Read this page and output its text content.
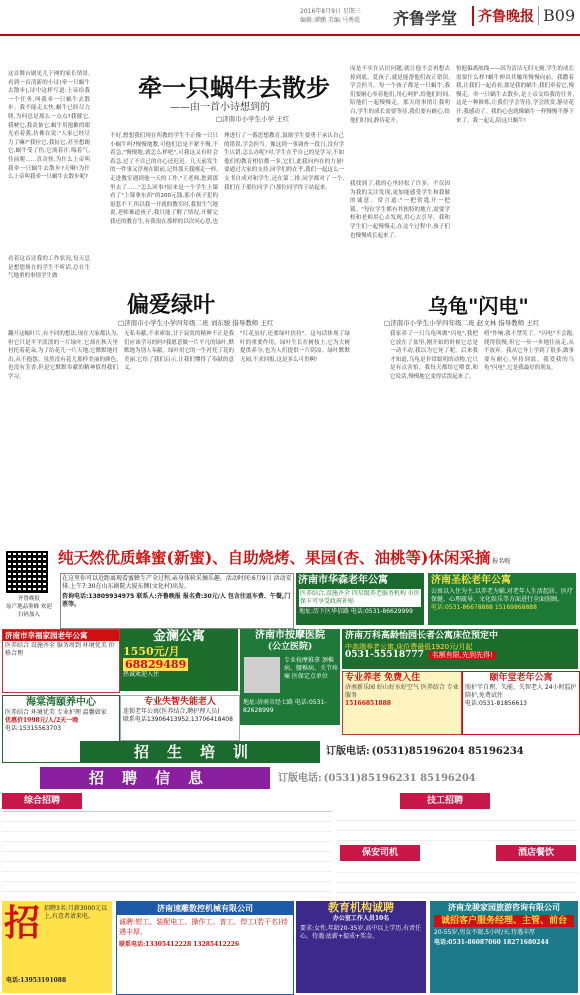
2016年8月9日 星期三
编辑:谭鹏 美编:马秀霞 齐鲁学堂	齐鲁晚报 B09
这首舞台剧见儿于网的家长情景,看到一首清新的小诗(牵一只蜗牛去散步),诗中这样写道:上帝给我一个任务,叫我牵一只蜗牛去散步。我不能走太快,蜗牛已经尽力爬,为何总是那么一点点?我催它,我唬它,我责备它,蜗牛用抱歉的眼光看着我,仿佛在说:"人家已经尽力了嘛!"我拉它,我扯它,甚至想踢它,蜗牛受了伤,它流着汗,喘着气,往前爬……真奇怪,为什么上帝叫我牵一只蜗牛去散步?天啊!为什么上帝叫我牵一只蜗牛去散步呢?
看着这首诗我的工作状况,每天总是想您规在的学生不听话,总在生气地重的事情学生做
牵一只蜗牛去散步
——由一首小诗想到的
□济南市小学生小学 王红
不好,想想我们现在所教的学生不正像一只只小蜗牛吗?慢慢地教,可他们总是不紧不慢,不着急,"慢慢地,就怎么样吧",可我这又有时会着急,过了不自己的自心还迟迟。几天前发生的一件事又浮现在眼前,记得那天我刚走一样,走进教室遇到他一天的工作,"王老师,您到那里去了……"怎么回事?原来是一个学生上课看了"上课拿东西"的200元钱,那小孩子犯的很惹不下,所以我一开就的教室时,我很生气地说,老师难道孩子,我只能了解了情况,开解完我还的教育生,有我很在那样的以次问心思,也
理进行了一番思想教育,鼓励学生要勇于承认自己的错误,学会担当。像这到一事调查一段日,没有学生认错,怎么办呢?对,学生在乎自己的是学习,不如他们的教育相信都一多,它们,此我向内在的力量!要通过大家的支持,同学们的在乎,我们一起这么一支书自成对和学生,还在第二排,同学都对了一个,我们在于那位同学了!那位同学终于站起来。
而是不实在认识问题,就让他不会再想去掉到底。爱孩子,就是能帮他们改正错误,学会担当。每一个孩子都是一只蜗牛,我们要耐心牵着他们,用心呵护,给他们时间,陪他们一起慢慢走。那天的事情让我明白,学生的成长需要等待,我们要有耐心,给他们时间,静待花开。
我找到了,我的心里轻松了许多。不仅因为我的关注发现,更加能感受学生和我做的诚意。常言道:"一把钥匙开一把锁。"每位学生都有其独特的地方,需要学校和老师用心去发现,用心去引导。我和学生们一起慢慢走,在这个过程中,孩子们也慢慢成长起来了。
怕他偏离航线——因为清洁无时无刻,学生的成长需要什么样?蜗牛伸出其触角慢慢向前。我撒着我,让我们一起看看,那是我的蜗牛,我们牵着它,慢慢走。牵一只蜗牛去散步,是上帝交给我的任务,这是一种修炼,让我们学会等待,学会欣赏,静待花开,我感动了。我的心也就像蜗牛一样慢慢平静下来了。我一起走,陪这只蜗牛!
偏爱绿叶
□济南市小学生小学四年级二班 刘东骏 指导教师 王红
翻开这幅叶片,有不同的想法,现在大家都认为,但它只是平平淡淡的一片绿叶,它却在秋天里衬托着花朵,为了给花儿一片天地,它默默地付出,从不抱怨。虽然没有花儿那样美丽的颜色,也没有芳香,但是它默默奉献的精神值得我们学习。
无私奉献,不求索取,甘于寂寞的精神不正是我们应该学习的吗?我愿意做一片平凡的绿叶,默默地为别人奉献。绿叶用它的一生衬托了花的美丽,它给了我们启示,让我们懂得了奉献的意义。
"红花虽好,还要绿叶扶持"。这句话体现了绿叶的重要作用。绿叶生长在树枝上,它为大树提供养分,也为人们提供一片阴凉。绿叶默默无闻,不求回报,这是多么可贵啊!
乌龟"闪电"
□济南市小学生小学四年级二班 赵文林 指导教师 王红
我家养了一只乌龟叫做"闪电",我把它放在了盆里,刚开始的时候它总是一动不动,我以为它死了呢。后来我才知道,乌龟是非常聪明的动物,它只是有点害怕。我每天都给它喂食,和它说话,慢慢地它变得活泼起来了。
嗒"作响,我不禁笑了。"闪电"不会跑,爬得很慢,但它一步一步地往前走,从不放弃。我从它身上学到了很多,做事要有耐心,坚持到底。我爱我的乌龟"闪电",它是我最好的朋友。
齐鲁晚报
原产地品鉴蜂 欢迎扫码加入
纯天然优质蜂蜜(新蜜)、自助烧烤、果园(杏、油桃等)休闲采摘 报名啦
在这里你可以近距离观看蜜蜂生产全过程,亲身体验采摘乐趣。活动时间:6月9日 活动安排:上午7:30在山东剧院大厦东侧(文化村)出发。
咨询电话:13809934975 联系人:齐鲁晚报 报名费:30元/人 包含往返车费、午餐,门票等。
济南市华森老年公寓
医养结合,设施齐全 四星级养老服务机构 市医保卡可享受政府补贴
地址:历下区华信路 电话:0531-86629999
济南圣松老年公寓
公寓以入住为主,以养老为辅,对老年人生活起居、医疗保健、心理疏导、文化娱乐等方面进行全面照顾。
电话:0531-86678888 15169868888
济南市幸福家园老年公寓
医养结合 设施齐全 服务周到 环境优美 价格合理
金澜公寓
1550元/月
68829489
热诚欢迎入住
济南市按摩医院
(公立医院)
专业按摩推拿 颈椎病、腰椎病、关节疼痛 医保定点单位
地址:济南市经七路 电话:0531-82628999
济南万科高龄怡园长者公寓床位预定中
中高端养老公寓,床位费最低1920元/月起
0531-55518777 名额有限,先到先得!
海棠湾颐养中心
医养结合 环境优美 专业护理 温馨如家
优惠价1998元/人/2天一晚
电话:15315563703
专业失智失能老人
连锁老年公寓(医养结合,聘护理人员)
联系电话13906413952,13706418408
专业养老 免费入住
济南新乐园 好山好水好空气 医养结合 专业服务
15166851888
颐年堂老年公寓
照护半自理、失能、失智老人 24小时监护陪护,免费试住
电话:0531-81856613
招生培训	订版电话: (0531)85196204 85196234
招聘信息	订版电话: (0531)85196231 85196204
综合招聘	技工招聘
保安司机	酒店餐饮
招 招聘3名:月薪3000元以上,有意者请来电。
电话:13953191088
济南速雕数控机械有限公司
诚聘:钳工、装配电工、操作工、普工、焊工(若干名)待遇丰厚。
联系电话:13305412228 13285412226
教育机构诚聘
办公室工作人员10名
要求:女性,年龄20-35岁,高中以上学历,有责任心。待遇:底薪+提成+奖金。
济南龙骏家园旅游咨询有限公司
诚招客户服务经理、主管、前台
20-55岁,男女不限,5小时/天,待遇丰厚
电话:0531-86087060 18271680244
